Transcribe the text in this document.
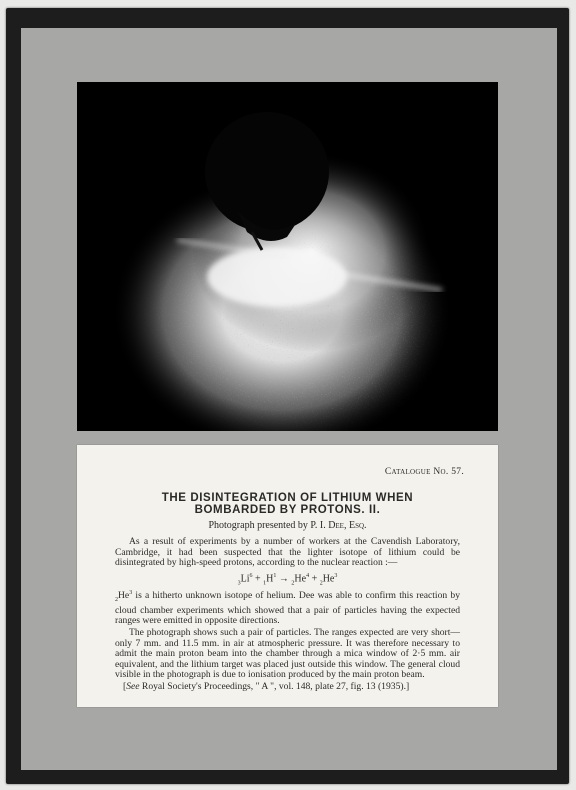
Catalogue No. 57.
THE DISINTEGRATION OF LITHIUM WHEN
BOMBARDED BY PROTONS. II.
Photograph presented by P. I. Dee, Esq.

As a result of experiments by a number of workers at the Cavendish Laboratory, Cambridge, it had been suspected that the lighter isotope of lithium could be disintegrated by high-speed protons, according to the nuclear reaction :—

$_3Li^6 + _1H^1 \to _2He^4 + _2He^3$

$_2He^3$ is a hitherto unknown isotope of helium. Dee was able to confirm this reaction by cloud chamber experiments which showed that a pair of particles having the expected ranges were emitted in opposite directions.

The photograph shows such a pair of particles. The ranges expected are very short—only 7 mm. and 11.5 mm. in air at atmospheric pressure. It was therefore necessary to admit the main proton beam into the chamber through a mica window of 2·5 mm. air equivalent, and the lithium target was placed just outside this window. The general cloud visible in the photograph is due to ionisation produced by the main proton beam.

[See Royal Society's Proceedings, " A ", vol. 148, plate 27, fig. 13 (1935).]
